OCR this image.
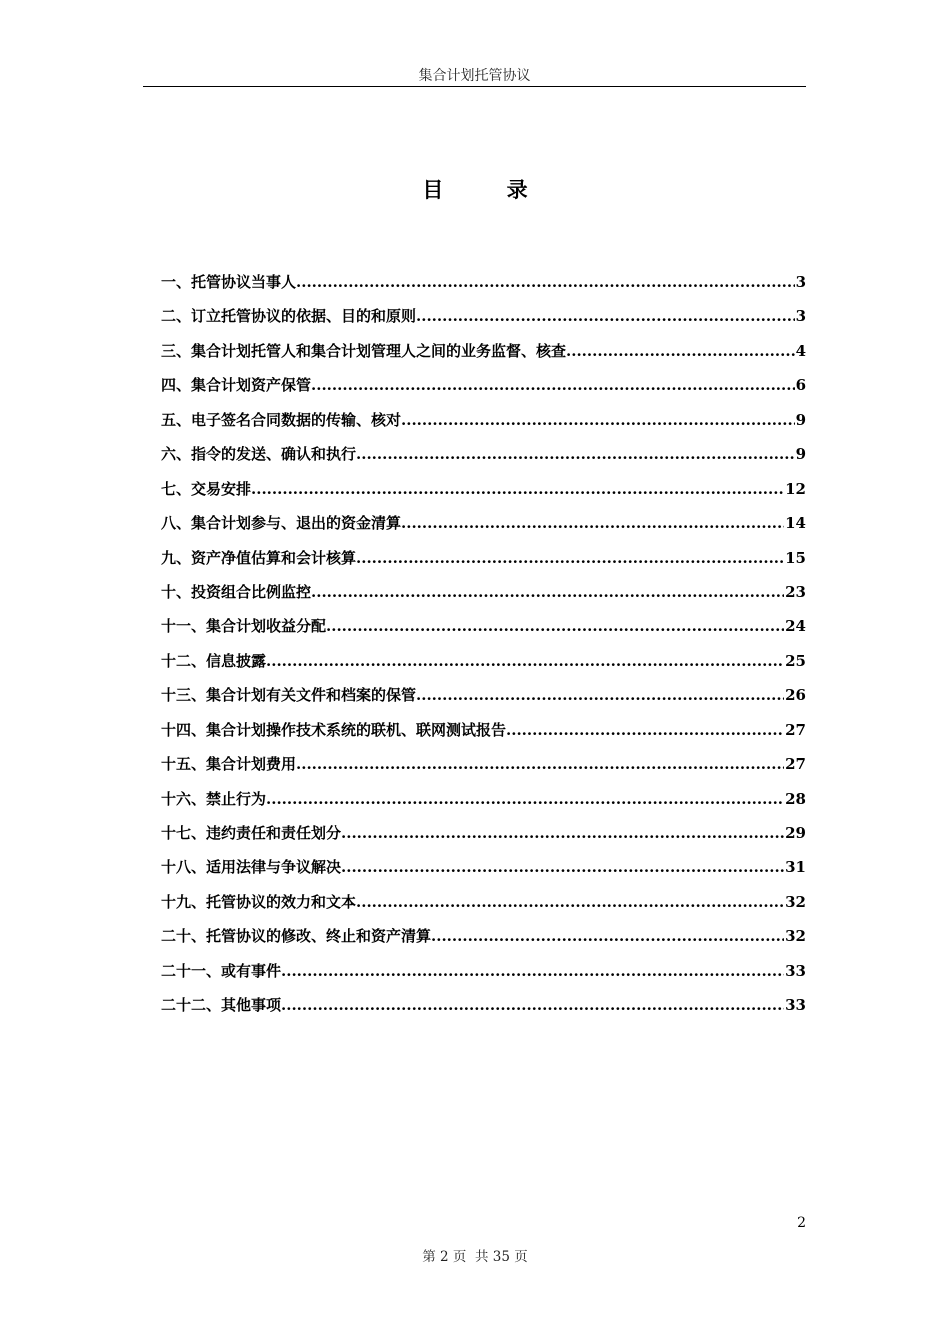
集合计划托管协议
目 录
一、托管协议当事人 .....	3
二、订立托管协议的依据、目的和原则 .....	3
三、集合计划托管人和集合计划管理人之间的业务监督、核查 .....	4
四、集合计划资产保管 .....	6
五、电子签名合同数据的传输、核对 .....	9
六、指令的发送、确认和执行 .....	9
七、交易安排 .....	12
八、集合计划参与、退出的资金清算 .....	14
九、资产净值估算和会计核算 .....	15
十、投资组合比例监控 .....	23
十一、集合计划收益分配 .....	24
十二、信息披露 .....	25
十三、集合计划有关文件和档案的保管 .....	26
十四、集合计划操作技术系统的联机、联网测试报告 .....	27
十五、集合计划费用 .....	27
十六、禁止行为 .....	28
十七、违约责任和责任划分 .....	29
十八、适用法律与争议解决 .....	31
十九、托管协议的效力和文本 .....	32
二十、托管协议的修改、终止和资产清算 .....	32
二十一、或有事件 .....	33
二十二、其他事项 .....	33
2
第 2 页  共 35 页
